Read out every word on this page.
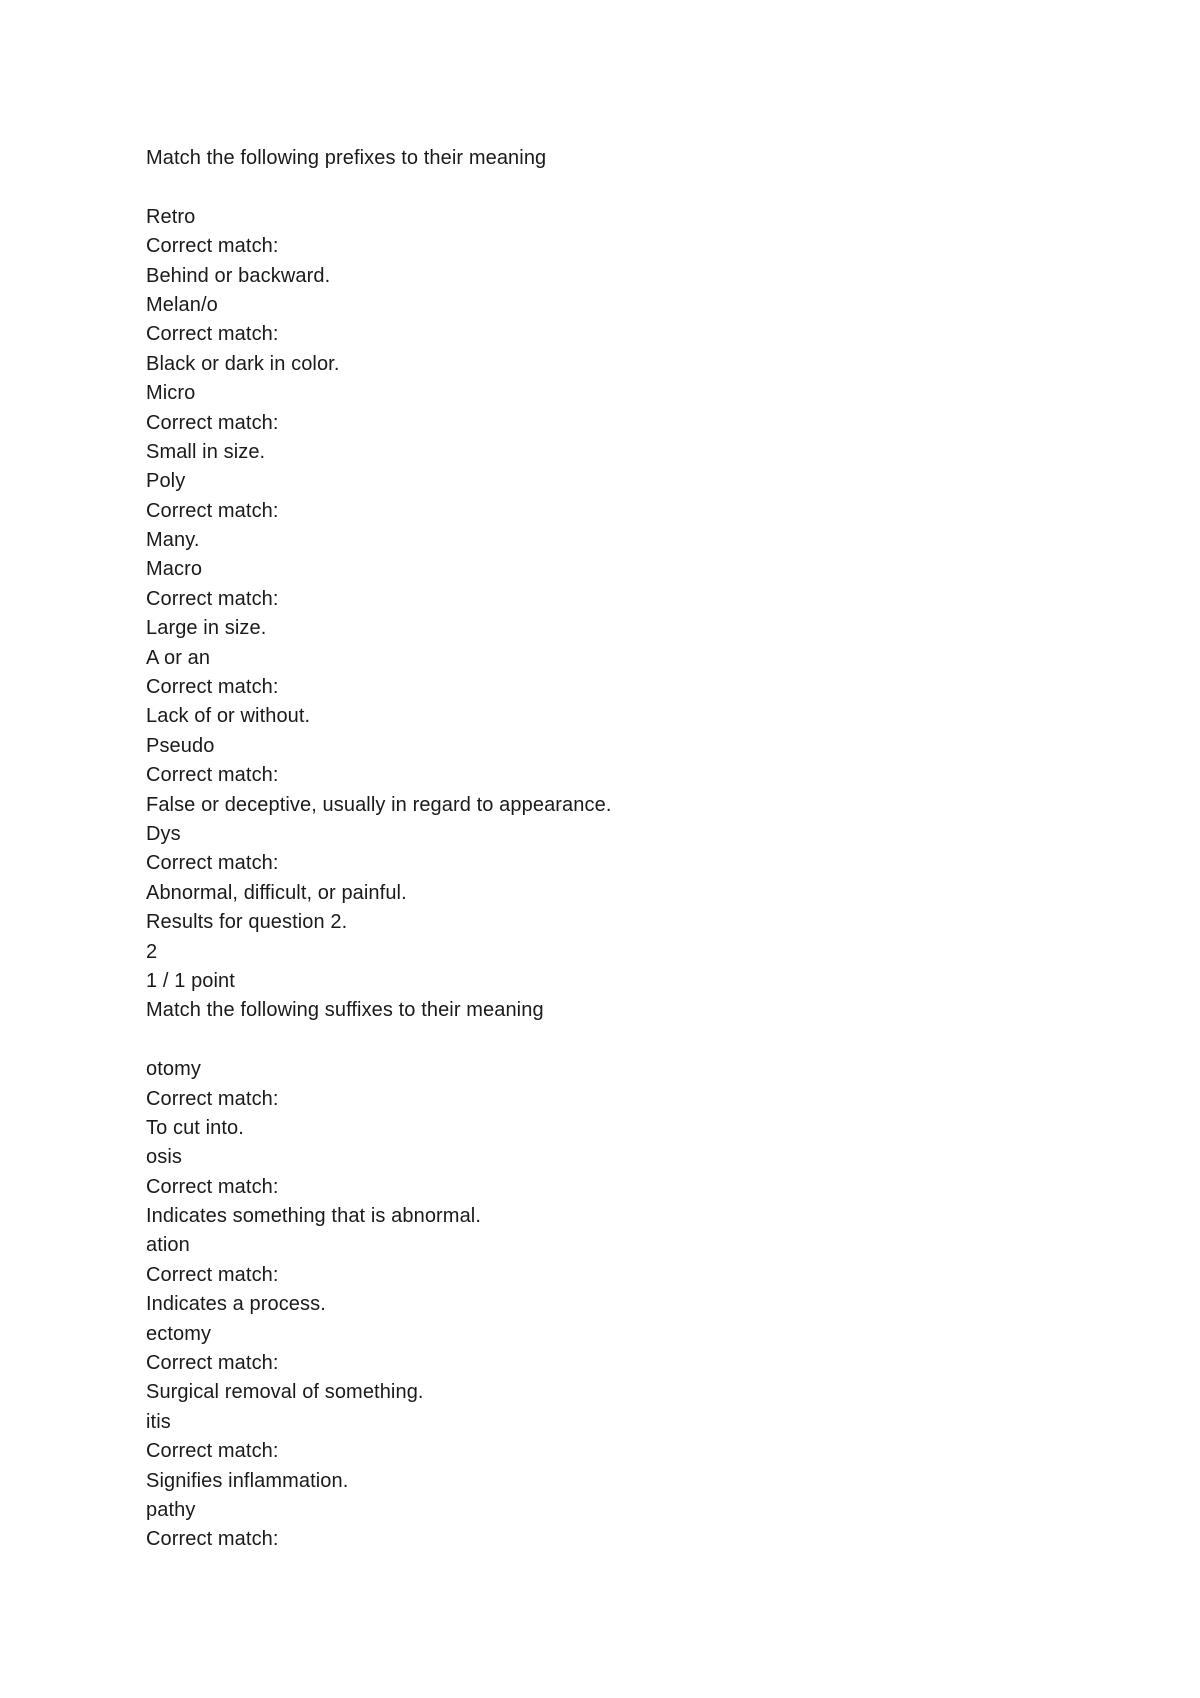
Match the following prefixes to their meaning
Retro
Correct match:
Behind or backward.
Melan/o
Correct match:
Black or dark in color.
Micro
Correct match:
Small in size.
Poly
Correct match:
Many.
Macro
Correct match:
Large in size.
A or an
Correct match:
Lack of or without.
Pseudo
Correct match:
False or deceptive, usually in regard to appearance.
Dys
Correct match:
Abnormal, difficult, or painful.
Results for question 2.
2
1 / 1 point
Match the following suffixes to their meaning
otomy
Correct match:
To cut into.
osis
Correct match:
Indicates something that is abnormal.
ation
Correct match:
Indicates a process.
ectomy
Correct match:
Surgical removal of something.
itis
Correct match:
Signifies inflammation.
pathy
Correct match:
